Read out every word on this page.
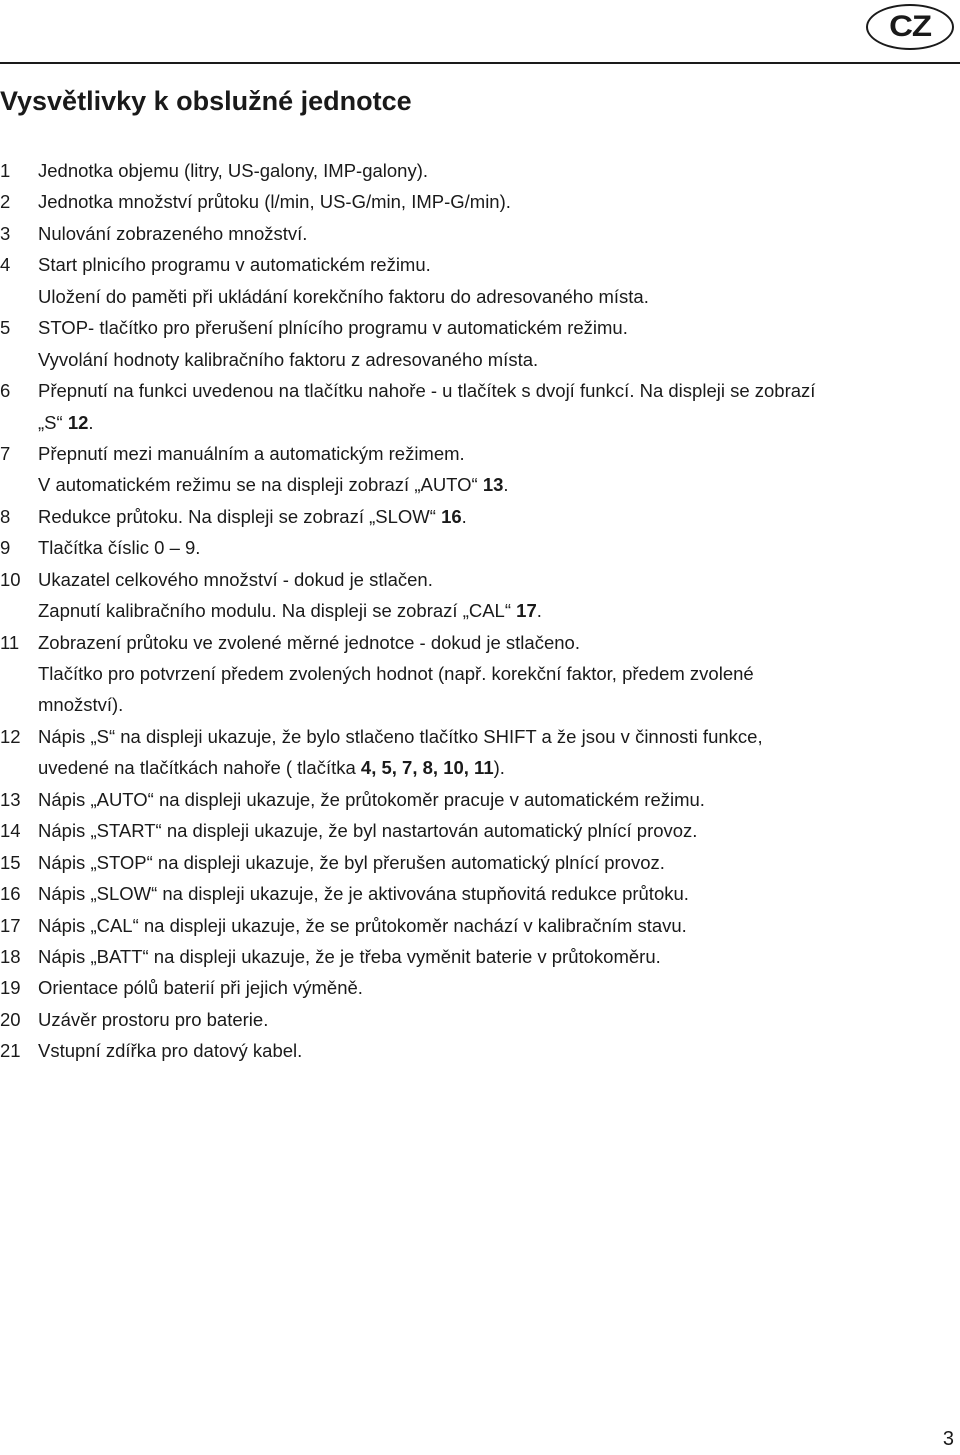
CZ
Vysvětlivky k obslužné jednotce
1	Jednotka objemu (litry, US-galony, IMP-galony).
2	Jednotka množství průtoku (l/min, US-G/min, IMP-G/min).
3	Nulování zobrazeného množství.
4	Start plnicího programu v automatickém režimu.
Uložení do paměti při ukládání korekčního faktoru do adresovaného místa.
5	STOP- tlačítko pro přerušení plnícího programu v automatickém režimu.
Vyvolání hodnoty kalibračního faktoru z adresovaného místa.
6	Přepnutí na funkci uvedenou na tlačítku nahoře - u tlačítek s dvojí funkcí. Na displeji se zobrazí
„S“ 12.
7	Přepnutí mezi manuálním a automatickým režimem.
V automatickém režimu se na displeji zobrazí „AUTO“ 13.
8	Redukce průtoku. Na displeji se zobrazí „SLOW“ 16.
9	Tlačítka číslic 0 – 9.
10 Ukazatel celkového množství - dokud je stlačen.
Zapnutí kalibračního modulu. Na displeji se zobrazí „CAL“ 17.
11	Zobrazení průtoku ve zvolené měrné jednotce - dokud je stlačeno.
Tlačítko pro potvrzení předem zvolených hodnot (např. korekční faktor, předem zvolené
množství).
12 Nápis „S“ na displeji ukazuje, že bylo stlačeno tlačítko SHIFT a že jsou v činnosti funkce,
uvedené na tlačítkách nahoře ( tlačítka 4, 5, 7, 8, 10, 11).
13 Nápis „AUTO“ na displeji ukazuje, že průtokoměr pracuje v automatickém režimu.
14 Nápis „START“ na displeji ukazuje, že byl nastartován automatický plnící provoz.
15 Nápis „STOP“ na displeji ukazuje, že byl přerušen automatický plnící provoz.
16 Nápis „SLOW“ na displeji ukazuje, že je aktivována stupňovitá redukce průtoku.
17 Nápis „CAL“ na displeji ukazuje, že se průtokoměr nachází v kalibračním stavu.
18 Nápis „BATT“ na displeji ukazuje, že je třeba vyměnit baterie v průtokoměru.
19 Orientace pólů baterií při jejich výměně.
20 Uzávěr prostoru pro baterie.
21 Vstupní zdířka pro datový kabel.
3
